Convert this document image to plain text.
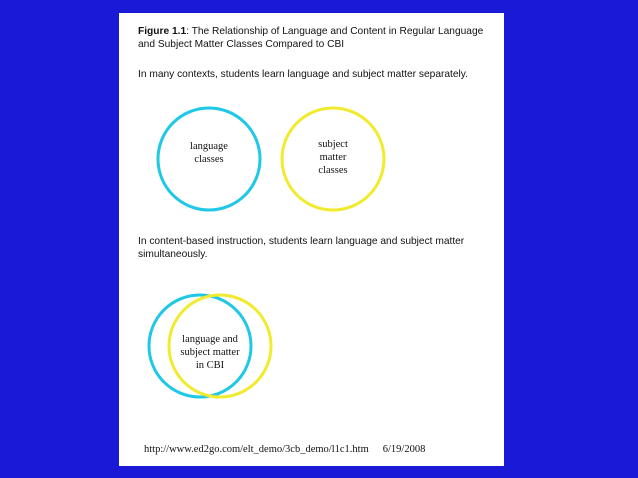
Figure 1.1: The Relationship of Language and Content in Regular Language and Subject Matter Classes Compared to CBI
In many contexts, students learn language and subject matter separately.
language
classes
subject
matter
classes
In content-based instruction, students learn language and subject matter simultaneously.
language and
subject matter
in CBI
http://www.ed2go.com/elt_demo/3cb_demo/l1c1.htm 6/19/2008
